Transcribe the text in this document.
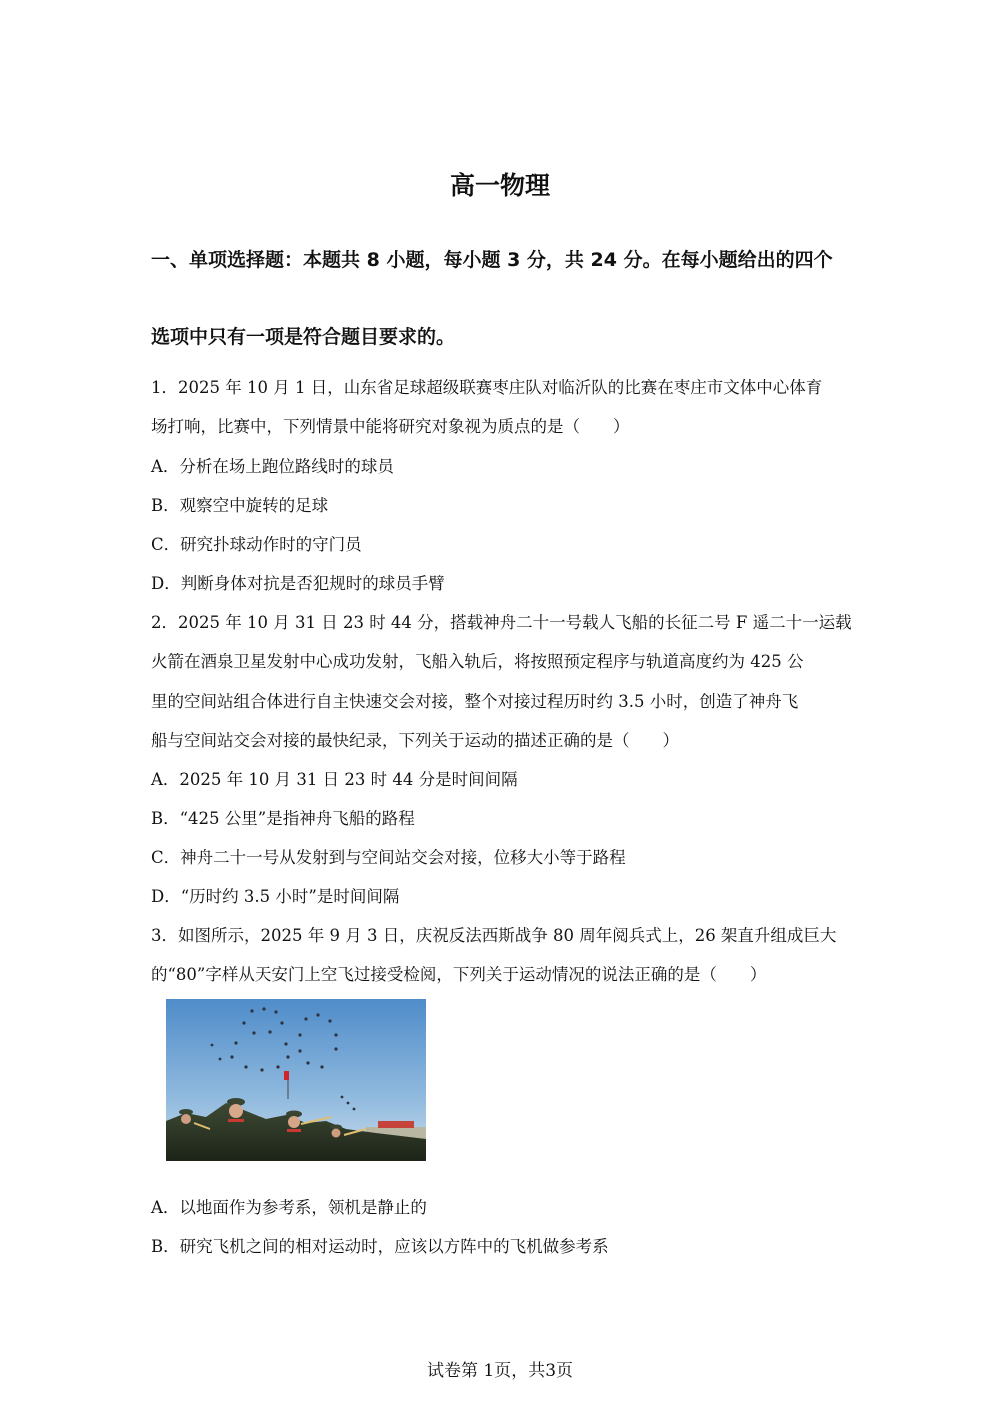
高一物理
一、单项选择题：本题共 8 小题，每小题 3 分，共 24 分。在每小题给出的四个
选项中只有一项是符合题目要求的。
1．2025 年 10 月 1 日，山东省足球超级联赛枣庄队对临沂队的比赛在枣庄市文体中心体育
场打响，比赛中，下列情景中能将研究对象视为质点的是（　　）
A．分析在场上跑位路线时的球员
B．观察空中旋转的足球
C．研究扑球动作时的守门员
D．判断身体对抗是否犯规时的球员手臂
2．2025 年 10 月 31 日 23 时 44 分，搭载神舟二十一号载人飞船的长征二号 F 遥二十一运载
火箭在酒泉卫星发射中心成功发射，飞船入轨后，将按照预定程序与轨道高度约为 425 公
里的空间站组合体进行自主快速交会对接，整个对接过程历时约 3.5 小时，创造了神舟飞
船与空间站交会对接的最快纪录，下列关于运动的描述正确的是（　　）
A．2025 年 10 月 31 日 23 时 44 分是时间间隔
B．“425 公里”是指神舟飞船的路程
C．神舟二十一号从发射到与空间站交会对接，位移大小等于路程
D．“历时约 3.5 小时”是时间间隔
3．如图所示，2025 年 9 月 3 日，庆祝反法西斯战争 80 周年阅兵式上，26 架直升组成巨大
的“80”字样从天安门上空飞过接受检阅，下列关于运动情况的说法正确的是（　　）
A．以地面作为参考系，领机是静止的
B．研究飞机之间的相对运动时，应该以方阵中的飞机做参考系
试卷第 1页，共3页
